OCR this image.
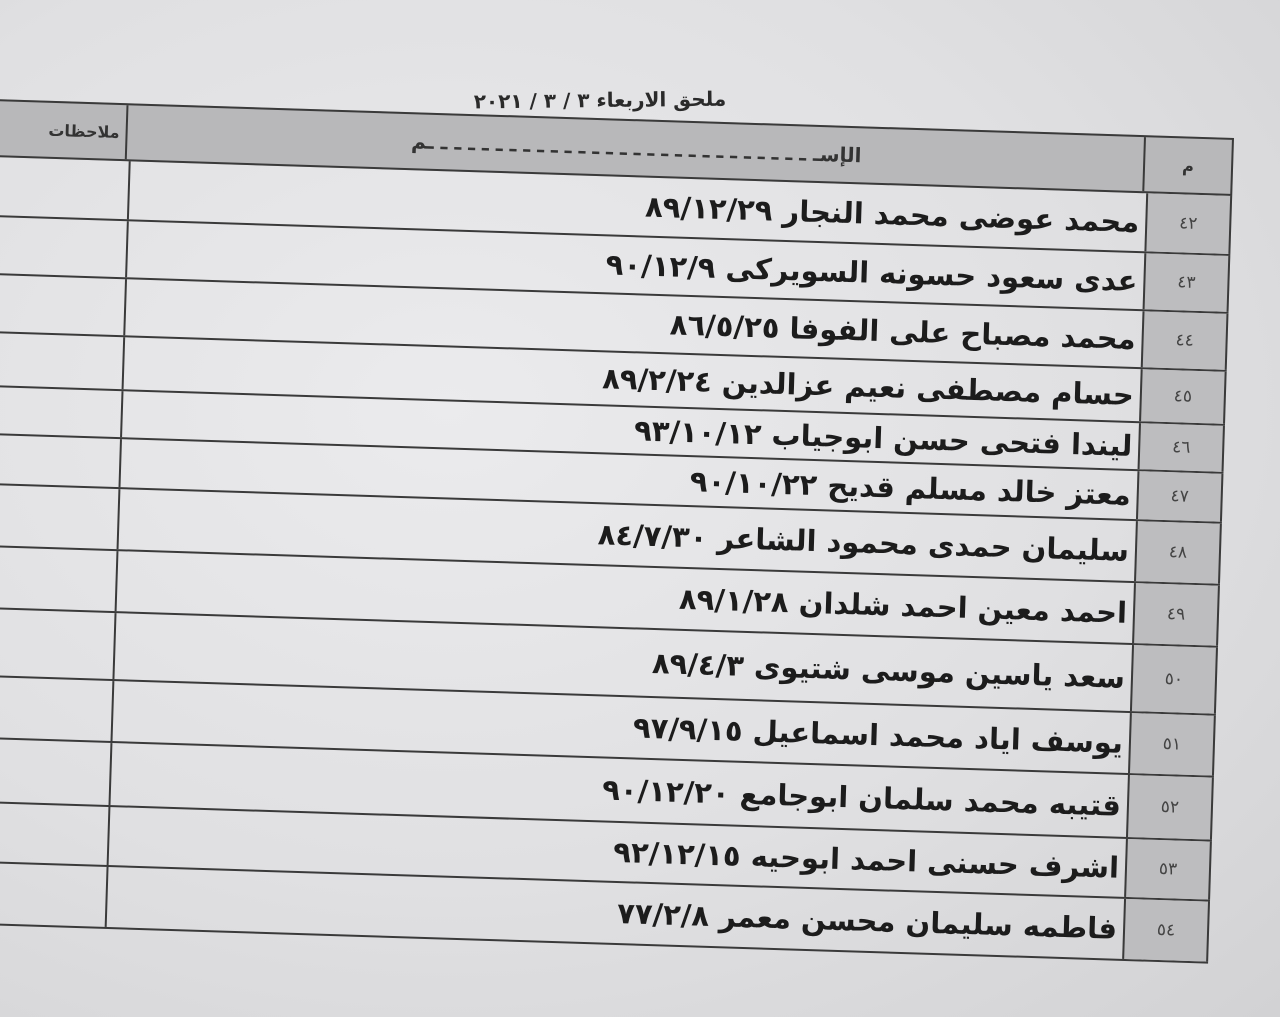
ملحق الاربعاء ٣ / ٣ / ٢٠٢١
م
الإسـ ـ ـ ـ ـ ـ ـ ـ ـ ـ ـ ـ ـ ـ ـ ـ ـ ـ ـ ـ ـ ـ ـ ـ ـ ـ ـ ـ ـم
ملاحظات
٤٢
محمد عوضى محمد النجار ٨٩/١٢/٢٩
٤٣
عدى سعود حسونه السويركى ٩٠/١٢/٩
٤٤
محمد مصباح على الفوفا ٨٦/٥/٢٥
٤٥
حسام مصطفى نعيم عزالدين ٨٩/٢/٢٤
٤٦
ليندا فتحى حسن ابوجياب ٩٣/١٠/١٢
٤٧
معتز خالد مسلم قديح ٩٠/١٠/٢٢
٤٨
سليمان حمدى محمود الشاعر ٨٤/٧/٣٠
٤٩
احمد معين احمد شلدان ٨٩/١/٢٨
٥٠
سعد ياسين موسى شتيوى ٨٩/٤/٣
٥١
يوسف اياد محمد اسماعيل ٩٧/٩/١٥
٥٢
قتيبه محمد سلمان ابوجامع ٩٠/١٢/٢٠
٥٣
اشرف حسنى احمد ابوحيه ٩٢/١٢/١٥
٥٤
فاطمه سليمان محسن معمر ٧٧/٢/٨
